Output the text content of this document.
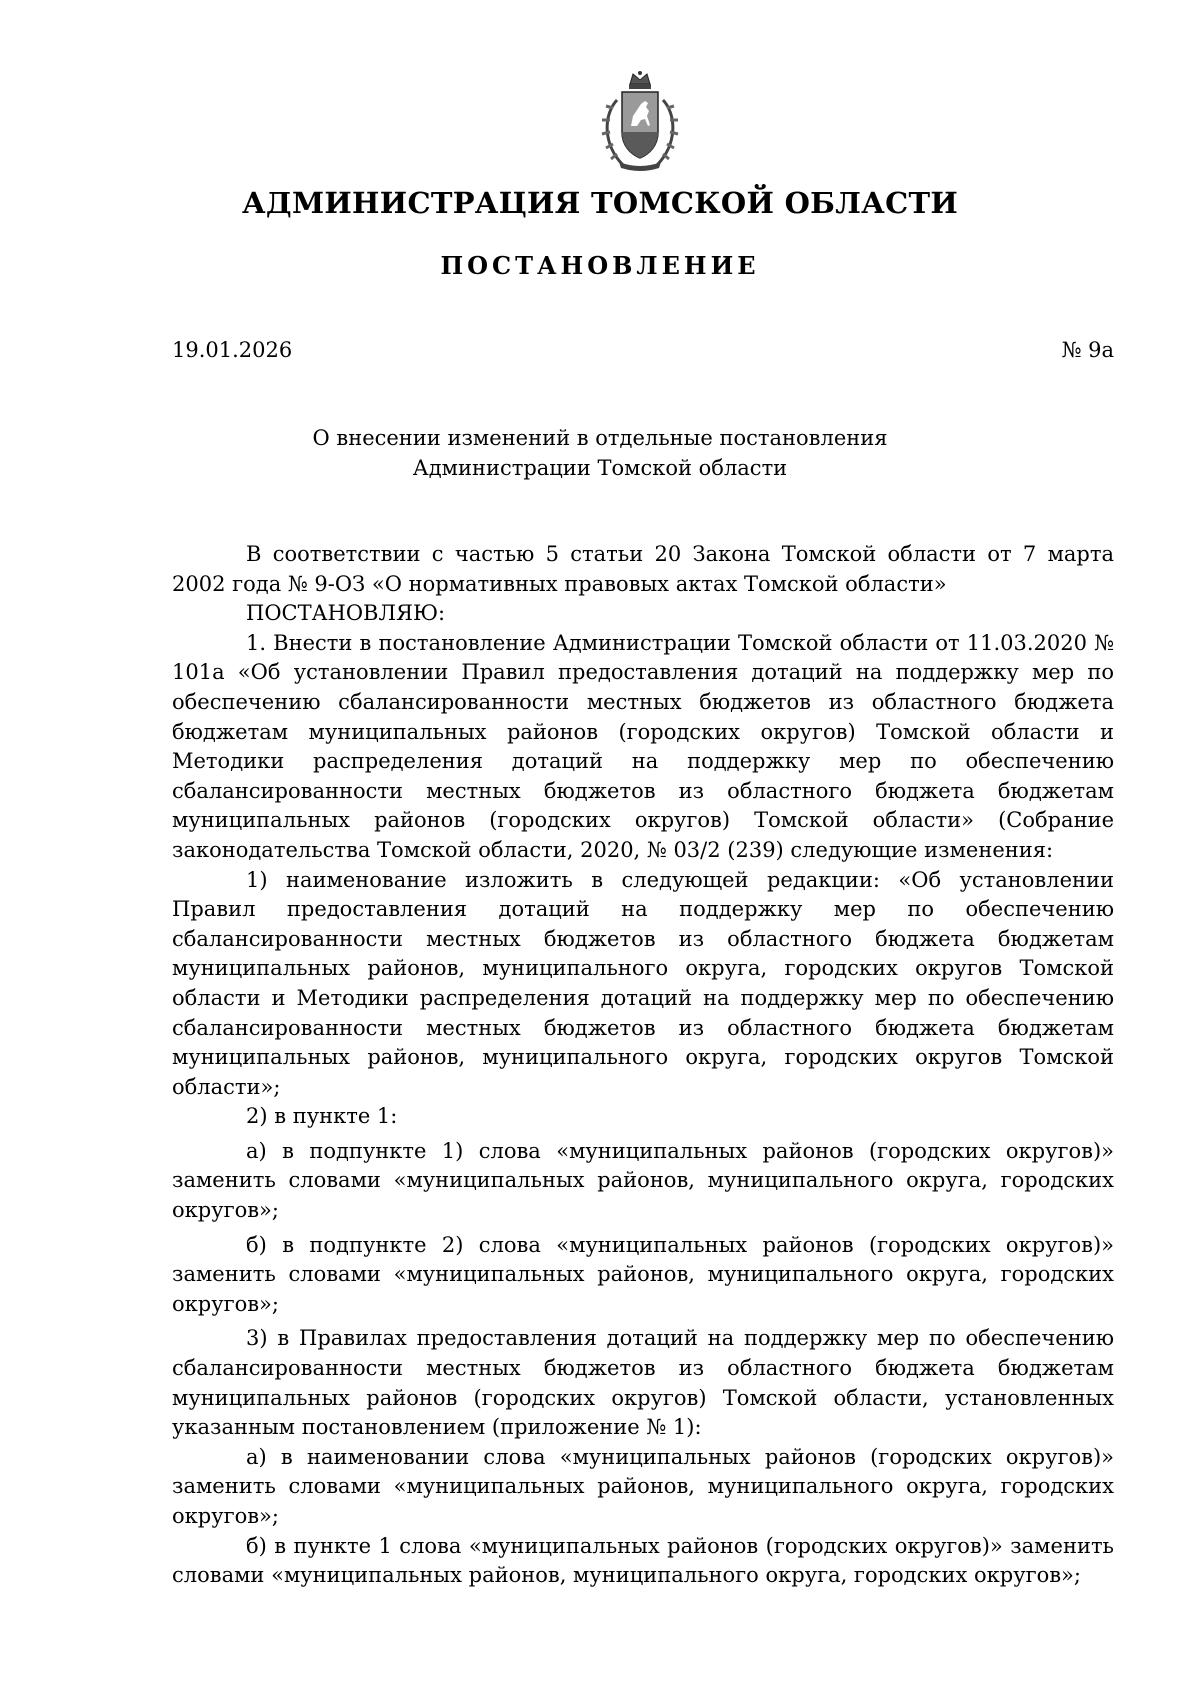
АДМИНИСТРАЦИЯ ТОМСКОЙ ОБЛАСТИ
ПОСТАНОВЛЕНИЕ
19.01.2026	№ 9а
О внесении изменений в отдельные постановления
Администрации Томской области

В соответствии с частью 5 статьи 20 Закона Томской области от 7 марта 2002 года № 9-ОЗ «О нормативных правовых актах Томской области»

ПОСТАНОВЛЯЮ:

1. Внести в постановление Администрации Томской области от 11.03.2020 № 101а «Об установлении Правил предоставления дотаций на поддержку мер по обеспечению сбалансированности местных бюджетов из областного бюджета бюджетам муниципальных районов (городских округов) Томской области и Методики распределения дотаций на поддержку мер по обеспечению сбалансированности местных бюджетов из областного бюджета бюджетам муниципальных районов (городских округов) Томской области» (Собрание законодательства Томской области, 2020, № 03/2 (239) следующие изменения:

1) наименование изложить в следующей редакции: «Об установлении Правил предоставления дотаций на поддержку мер по обеспечению сбалансированности местных бюджетов из областного бюджета бюджетам муниципальных районов, муниципального округа, городских округов Томской области и Методики распределения дотаций на поддержку мер по обеспечению сбалансированности местных бюджетов из областного бюджета бюджетам муниципальных районов, муниципального округа, городских округов Томской области»;

2) в пункте 1:

а) в подпункте 1) слова «муниципальных районов (городских округов)» заменить словами «муниципальных районов, муниципального округа, городских округов»;

б) в подпункте 2) слова «муниципальных районов (городских округов)» заменить словами «муниципальных районов, муниципального округа, городских округов»;

3) в Правилах предоставления дотаций на поддержку мер по обеспечению сбалансированности местных бюджетов из областного бюджета бюджетам муниципальных районов (городских округов) Томской области, установленных указанным постановлением (приложение № 1):

а) в наименовании слова «муниципальных районов (городских округов)» заменить словами «муниципальных районов, муниципального округа, городских округов»;

б) в пункте 1 слова «муниципальных районов (городских округов)» заменить словами «муниципальных районов, муниципального округа, городских округов»;
